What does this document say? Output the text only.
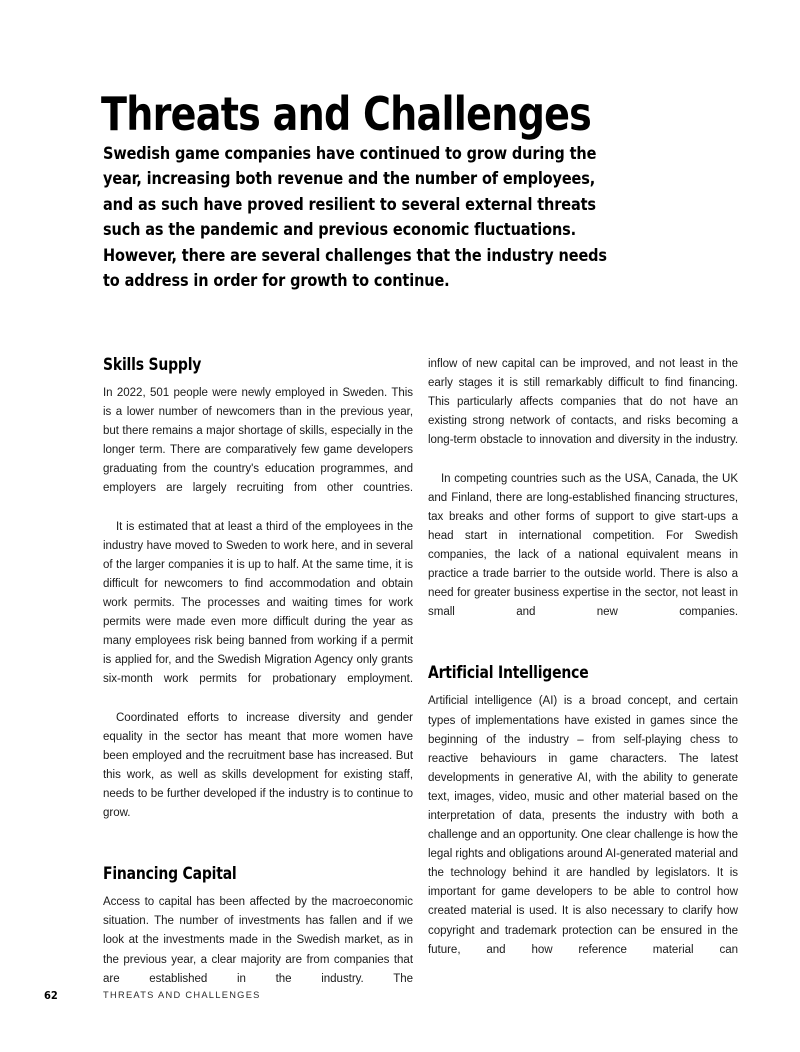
Threats and Challenges
Swedish game companies have continued to grow during the year, increasing both revenue and the number of employees, and as such have proved resilient to several external threats such as the pandemic and previous economic fluctuations. However, there are several challenges that the industry needs to address in order for growth to continue.
Skills Supply

In 2022, 501 people were newly employed in Sweden. This is a lower number of newcomers than in the previous year, but there remains a major shortage of skills, especially in the longer term. There are comparatively few game developers graduating from the country's education programmes, and employers are largely recruiting from other countries.

It is estimated that at least a third of the employees in the industry have moved to Sweden to work here, and in several of the larger companies it is up to half. At the same time, it is difficult for newcomers to find accommodation and obtain work permits. The processes and waiting times for work permits were made even more difficult during the year as many employees risk being banned from working if a permit is applied for, and the Swedish Migration Agency only grants six-month work permits for probationary employment.

Coordinated efforts to increase diversity and gender equality in the sector has meant that more women have been employed and the recruitment base has increased. But this work, as well as skills development for existing staff, needs to be further developed if the industry is to continue to grow.

Financing Capital

Access to capital has been affected by the macroeconomic situation. The number of investments has fallen and if we look at the investments made in the Swedish market, as in the previous year, a clear majority are from companies that are established in the industry. The

inflow of new capital can be improved, and not least in the early stages it is still remarkably difficult to find financing. This particularly affects companies that do not have an existing strong network of contacts, and risks becoming a long-term obstacle to innovation and diversity in the industry.

In competing countries such as the USA, Canada, the UK and Finland, there are long-established financing structures, tax breaks and other forms of support to give start-ups a head start in international competition. For Swedish companies, the lack of a national equivalent means in practice a trade barrier to the outside world. There is also a need for greater business expertise in the sector, not least in small and new companies.

Artificial Intelligence

Artificial intelligence (AI) is a broad concept, and certain types of implementations have existed in games since the beginning of the industry – from self-playing chess to reactive behaviours in game characters. The latest developments in generative AI, with the ability to generate text, images, video, music and other material based on the interpretation of data, presents the industry with both a challenge and an opportunity. One clear challenge is how the legal rights and obligations around AI-generated material and the technology behind it are handled by legislators. It is important for game developers to be able to control how created material is used. It is also necessary to clarify how copyright and trademark protection can be ensured in the future, and how reference material can

62	THREATS AND CHALLENGES
